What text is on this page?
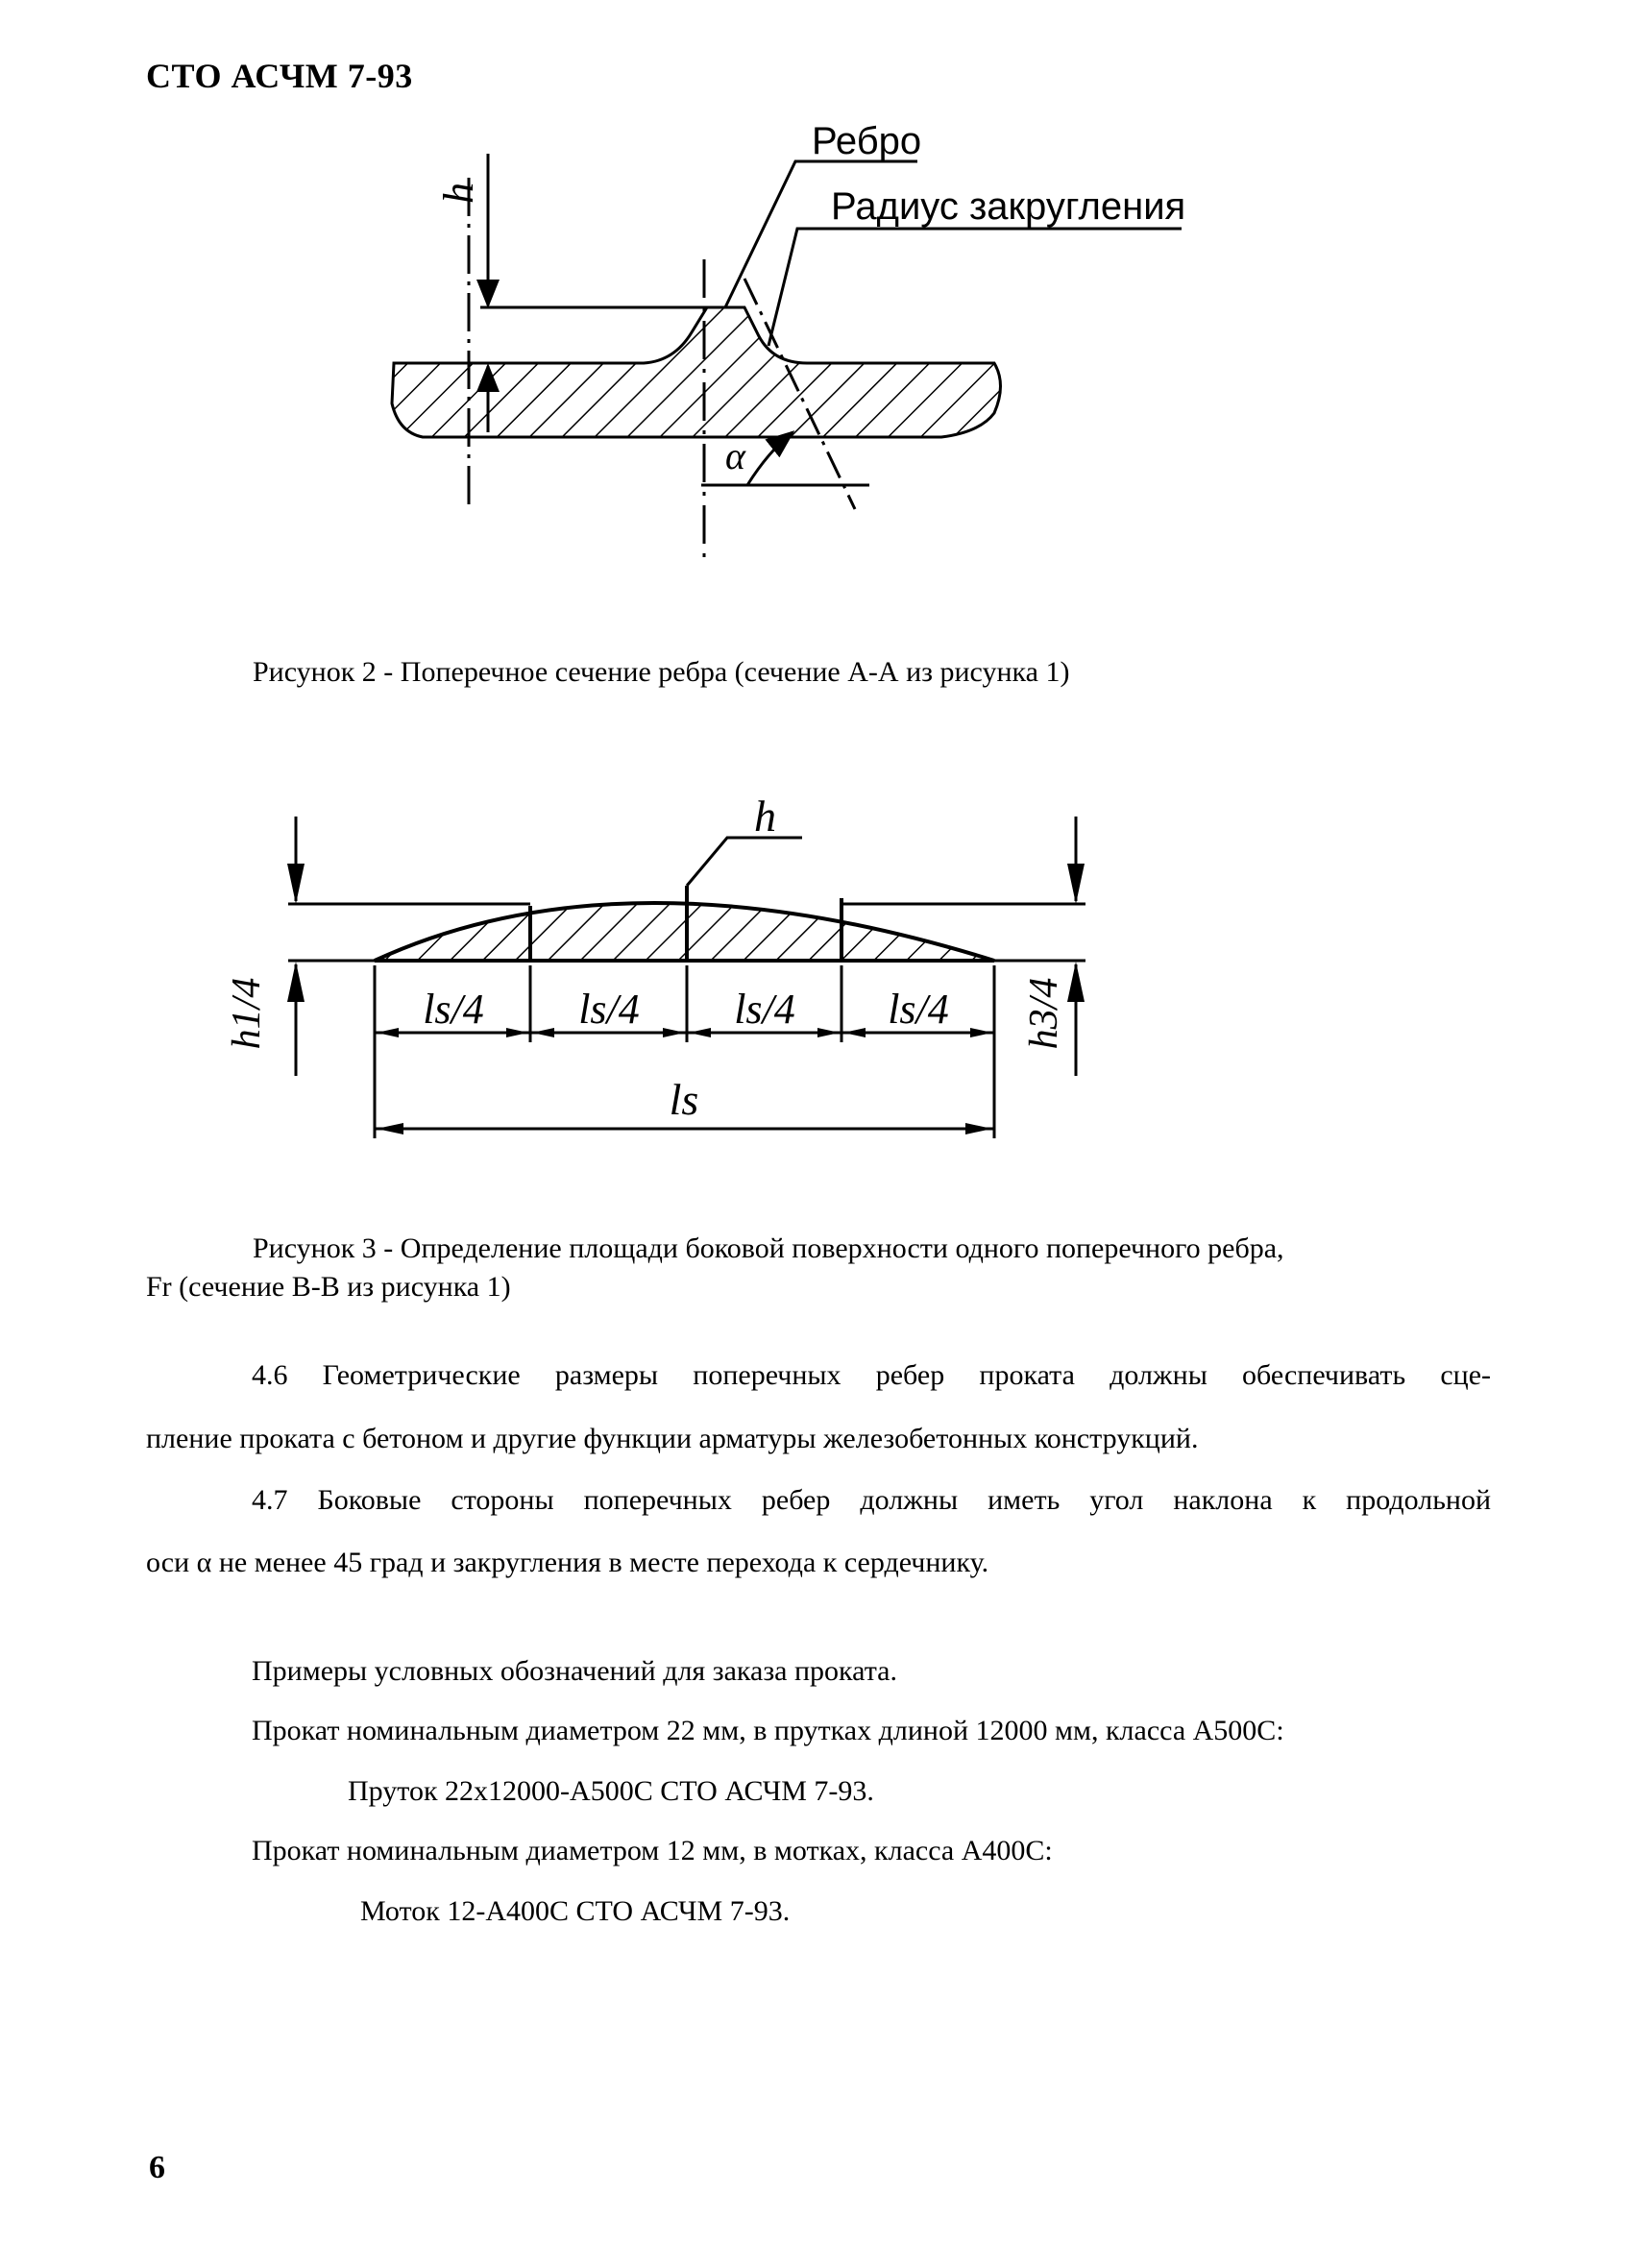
СТО АСЧМ 7-93
h
Ребро
Радиус закругления
α
Рисунок 2 - Поперечное сечение ребра (сечение А-А из рисунка 1)
h
h1/4	h3/4
ls/4 ls/4 ls/4 ls/4
ls
Рисунок 3 - Определение площади боковой поверхности одного поперечного ребра,
Fr (сечение В-В из рисунка 1)
4.6 Геометрические размеры поперечных ребер проката должны обеспечивать сце-
пление проката с бетоном и другие функции арматуры железобетонных конструкций.
4.7 Боковые стороны поперечных ребер должны иметь угол наклона к продольной
оси α не менее 45 град и закругления в месте перехода к сердечнику.
Примеры условных обозначений для заказа проката.
Прокат номинальным диаметром 22 мм, в прутках длиной 12000 мм, класса А500С:
Пруток 22х12000-А500С СТО АСЧМ 7-93.
Прокат номинальным диаметром 12 мм, в мотках, класса А400С:
Моток 12-А400С СТО АСЧМ 7-93.
6
